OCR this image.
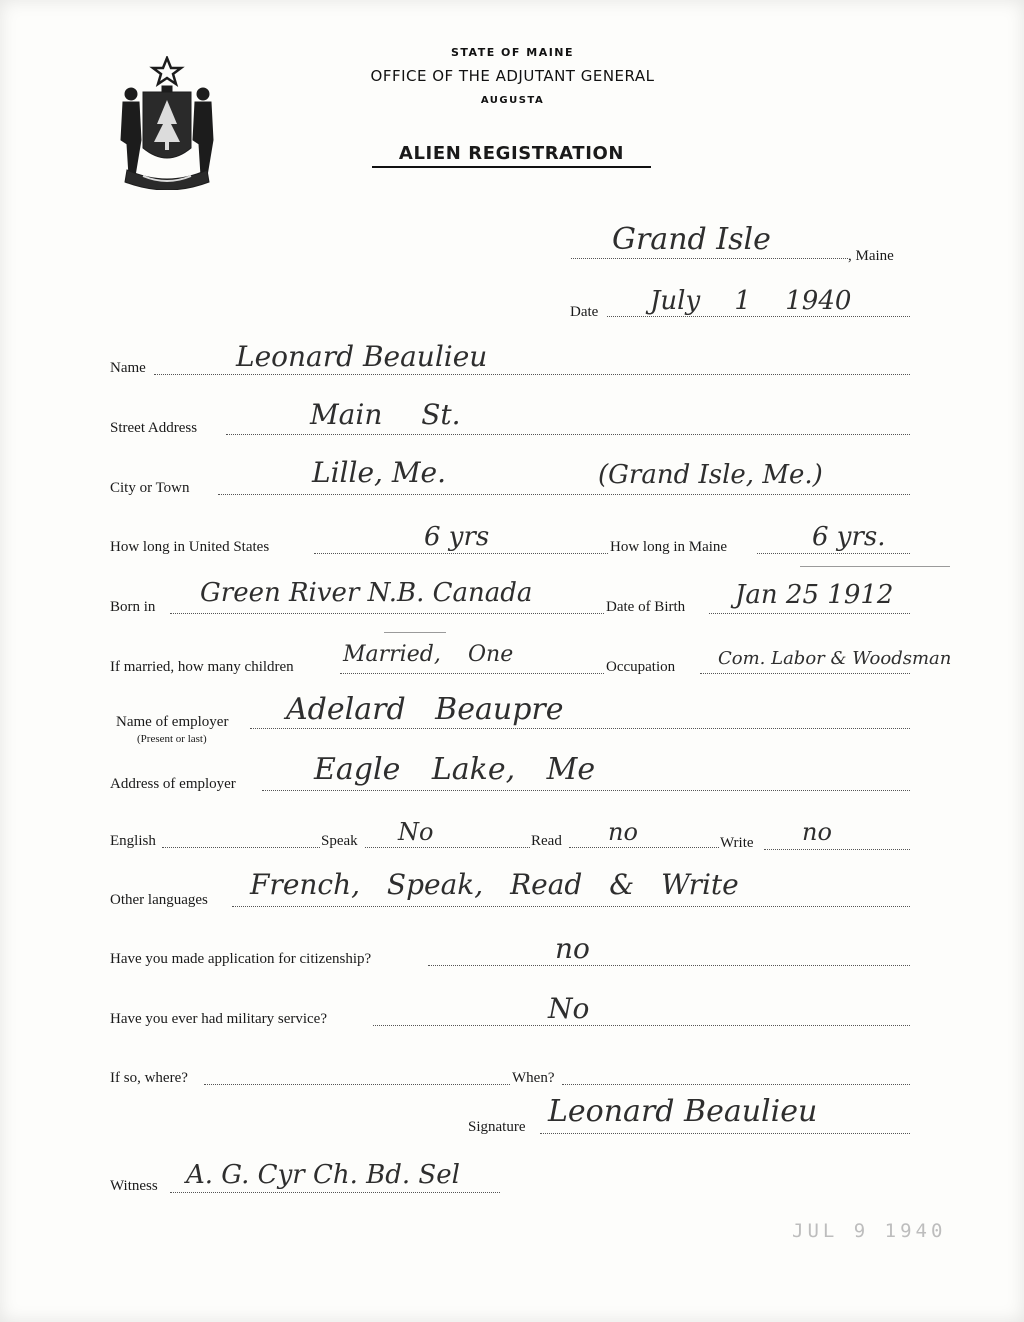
STATE OF MAINE
OFFICE OF THE ADJUTANT GENERAL
AUGUSTA
ALIEN REGISTRATION
Grand Isle	, Maine
Date July 1 1940
Name	Leonard Beaulieu
Street Address	Main St.
City or Town	Lille, Me.	(Grand Isle, Me.)
How long in United States	6 yrs	How long in Maine	6 yrs.
Born in Green River N.B. Canada	Date of Birth Jan 25 1912
If married, how many children Married, One	Occupation Com. Labor & Woodsman
Name of employer
(Present or last)
Adelard Beaupre
Address of employer	Eagle Lake, Me
English	Speak No	Read no	Write no
Other languages French, Speak, Read & Write
Have you made application for citizenship?	no
Have you ever had military service?	No
If so, where?	When?
Signature Leonard Beaulieu
Witness A. G. Cyr Ch. Bd. Sel
JUL 9 1940
